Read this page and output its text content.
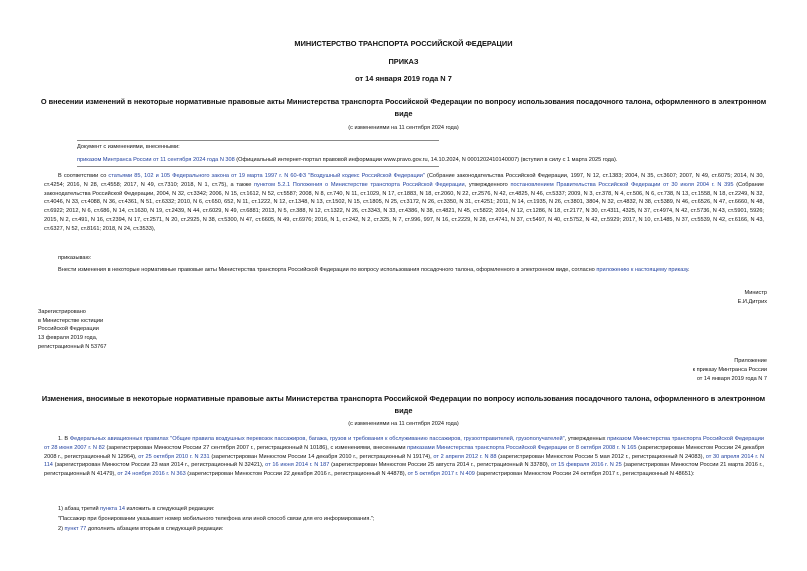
МИНИСТЕРСТВО ТРАНСПОРТА РОССИЙСКОЙ ФЕДЕРАЦИИ
ПРИКАЗ
от 14 января 2019 года N 7
О внесении изменений в некоторые нормативные правовые акты Министерства транспорта Российской Федерации по вопросу использования посадочного талона, оформленного в электронном виде
(с изменениями на 11 сентября 2024 года)
Документ с изменениями, внесенными:
приказом Минтранса России от 11 сентября 2024 года N 308 (Официальный интернет-портал правовой информации www.pravo.gov.ru, 14.10.2024, N 0001202410140007) (вступил в силу с 1 марта 2025 года).
В соответствии со статьями 85, 102 и 105 Федерального закона от 19 марта 1997 г. N 60-ФЗ "Воздушный кодекс Российской Федерации" (Собрание законодательства Российской Федерации, 1997, N 12, ст.1383; 2004, N 35, ст.3607; 2007, N 49, ст.6075; 2014, N 30, ст.4254; 2016, N 28, ст.4558; 2017, N 49, ст.7310; 2018, N 1, ст.75), а также пунктом 5.2.1 Положения о Министерстве транспорта Российской Федерации, утвержденного постановлением Правительства Российской Федерации от 30 июля 2004 г. N 395 (Собрание законодательства Российской Федерации, 2004, N 32, ст.3342; 2006, N 15, ст.1612, N 52, ст.5587; 2008, N 8, ст.740, N 11, ст.1029, N 17, ст.1883, N 18, ст.2060, N 22, ст.2576, N 42, ст.4825, N 46, ст.5337; 2009, N 3, ст.378, N 4, ст.506, N 6, ст.738, N 13, ст.1558, N 18, ст.2249, N 32, ст.4046, N 33, ст.4088, N 36, ст.4361, N 51, ст.6332; 2010, N 6, ст.650, 652, N 11, ст.1222, N 12, ст.1348, N 13, ст.1502, N 15, ст.1805, N 25, ст.3172, N 26, ст.3350, N 31, ст.4251; 2011, N 14, ст.1935, N 26, ст.3801, 3804, N 32, ст.4832, N 38, ст.5389, N 46, ст.6526, N 47, ст.6660, N 48, ст.6922; 2012, N 6, ст.686, N 14, ст.1630, N 19, ст.2439, N 44, ст.6029, N 49, ст.6881; 2013, N 5, ст.388, N 12, ст.1322, N 26, ст.3343, N 33, ст.4386, N 38, ст.4821, N 45, ст.5822; 2014, N 12, ст.1286, N 18, ст.2177, N 30, ст.4311, 4325, N 37, ст.4974, N 42, ст.5736, N 43, ст.5901, 5926; 2015, N 2, ст.491, N 16, ст.2394, N 17, ст.2571, N 20, ст.2925, N 38, ст.5300, N 47, ст.6605, N 49, ст.6976; 2016, N 1, ст.242, N 2, ст.325, N 7, ст.996, 997, N 16, ст.2229, N 28, ст.4741, N 37, ст.5497, N 40, ст.5752, N 42, ст.5929; 2017, N 10, ст.1485, N 37, ст.5539, N 42, ст.6166, N 43, ст.6327, N 52, ст.8161; 2018, N 24, ст.3533),
приказываю:
Внести изменения в некоторые нормативные правовые акты Министерства транспорта Российской Федерации по вопросу использования посадочного талона, оформленного в электронном виде, согласно приложению к настоящему приказу.
Министр
Е.И.Дитрих
Зарегистрировано
в Министерстве юстиции
Российской Федерации
13 февраля 2019 года,
регистрационный N 53767
Приложение
к приказу Минтранса России
от 14 января 2019 года N 7
Изменения, вносимые в некоторые нормативные правовые акты Министерства транспорта Российской Федерации по вопросу использования посадочного талона, оформленного в электронном виде
(с изменениями на 11 сентября 2024 года)
1. В Федеральных авиационных правилах "Общие правила воздушных перевозок пассажиров, багажа, грузов и требования к обслуживанию пассажиров, грузоотправителей, грузополучателей", утвержденных приказом Министерства транспорта Российской Федерации от 28 июня 2007 г. N 82 (зарегистрирован Минюстом России 27 сентября 2007 г., регистрационный N 10186), с изменениями, внесенными приказами Министерства транспорта Российской Федерации от 8 октября 2008 г. N 165 (зарегистрирован Минюстом России 24 декабря 2008 г., регистрационный N 12964), от 25 октября 2010 г. N 231 (зарегистрирован Минюстом России 14 декабря 2010 г., регистрационный N 19174), от 2 апреля 2012 г. N 88 (зарегистрирован Минюстом России 5 мая 2012 г., регистрационный N 24083), от 30 апреля 2014 г. N 114 (зарегистрирован Минюстом России 23 мая 2014 г., регистрационный N 32421), от 16 июня 2014 г. N 187 (зарегистрирован Минюстом России 25 августа 2014 г., регистрационный N 33780), от 15 февраля 2016 г. N 25 (зарегистрирован Минюстом России 21 марта 2016 г., регистрационный N 41479), от 24 ноября 2016 г. N 363 (зарегистрирован Минюстом России 22 декабря 2016 г., регистрационный N 44878), от 5 октября 2017 г. N 409 (зарегистрирован Минюстом России 24 октября 2017 г., регистрационный N 48651):
1) абзац третий пункта 14 изложить в следующей редакции:
"Пассажир при бронировании указывает номер мобильного телефона или иной способ связи для его информирования.";
2) пункт 77 дополнить абзацем вторым в следующей редакции:
